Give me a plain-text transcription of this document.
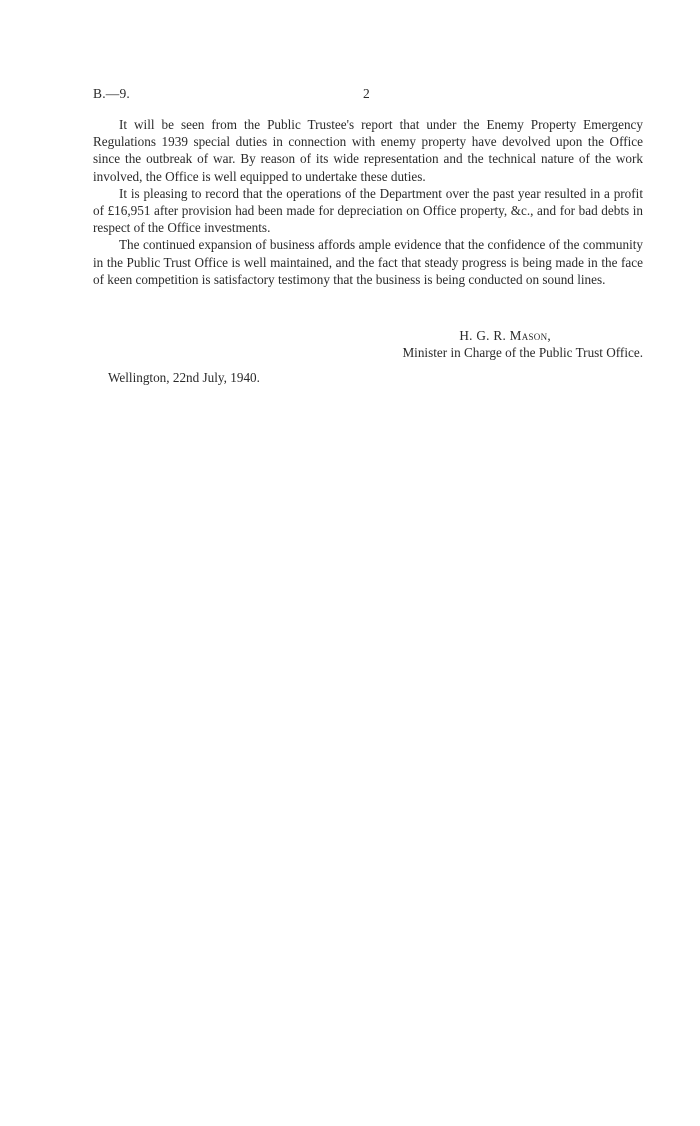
B.—9.	2

It will be seen from the Public Trustee's report that under the Enemy Property Emergency Regulations 1939 special duties in connection with enemy property have devolved upon the Office since the outbreak of war. By reason of its wide representation and the technical nature of the work involved, the Office is well equipped to undertake these duties.

It is pleasing to record that the operations of the Department over the past year resulted in a profit of £16,951 after provision had been made for depreciation on Office property, &c., and for bad debts in respect of the Office investments.

The continued expansion of business affords ample evidence that the confidence of the community in the Public Trust Office is well maintained, and the fact that steady progress is being made in the face of keen competition is satisfactory testimony that the business is being conducted on sound lines.

H. G. R. Mason,
Minister in Charge of the Public Trust Office.
Wellington, 22nd July, 1940.
